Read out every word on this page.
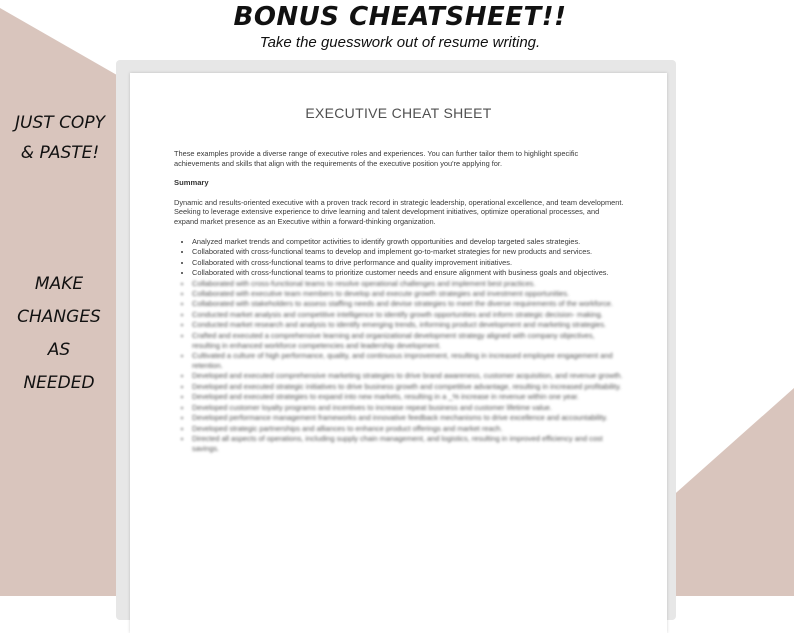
BONUS CHEATSHEET!!
Take the guesswork out of resume writing.
JUST COPY
& PASTE!
MAKE
CHANGES
AS
NEEDED
EXECUTIVE CHEAT SHEET

These examples provide a diverse range of executive roles and experiences. You can further tailor them to highlight specific achievements and skills that align with the requirements of the executive position you're applying for.

Summary

Dynamic and results-oriented executive with a proven track record in strategic leadership, operational excellence, and team development. Seeking to leverage extensive experience to drive learning and talent development initiatives, optimize operational processes, and expand market presence as an Executive within a forward-thinking organization.

• Analyzed market trends and competitor activities to identify growth opportunities and develop targeted sales strategies.
• Collaborated with cross-functional teams to develop and implement go-to-market strategies for new products and services.
• Collaborated with cross-functional teams to drive performance and quality improvement initiatives.
• Collaborated with cross-functional teams to prioritize customer needs and ensure alignment with business goals and objectives.
• Collaborated with cross-functional teams to resolve operational challenges and implement best practices.
• Collaborated with executive team members to develop and execute growth strategies and investment opportunities.
• Collaborated with stakeholders to assess staffing needs and devise strategies to meet the diverse requirements of the workforce.
• Conducted market analysis and competitive intelligence to identify growth opportunities and inform strategic decision- making.
• Conducted market research and analysis to identify emerging trends, informing product development and marketing strategies.
• Crafted and executed a comprehensive learning and organizational development strategy aligned with company objectives, resulting in enhanced workforce competencies and leadership development.
• Cultivated a culture of high performance, quality, and continuous improvement, resulting in increased employee engagement and retention.
• Developed and executed comprehensive marketing strategies to drive brand awareness, customer acquisition, and revenue growth.
• Developed and executed strategic initiatives to drive business growth and competitive advantage, resulting in increased profitability.
• Developed and executed strategies to expand into new markets, resulting in a _% increase in revenue within one year.
• Developed customer loyalty programs and incentives to increase repeat business and customer lifetime value.
• Developed performance management frameworks and innovative feedback mechanisms to drive excellence and accountability.
• Developed strategic partnerships and alliances to enhance product offerings and market reach.
• Directed all aspects of operations, including supply chain management, and logistics, resulting in improved efficiency and cost savings.
